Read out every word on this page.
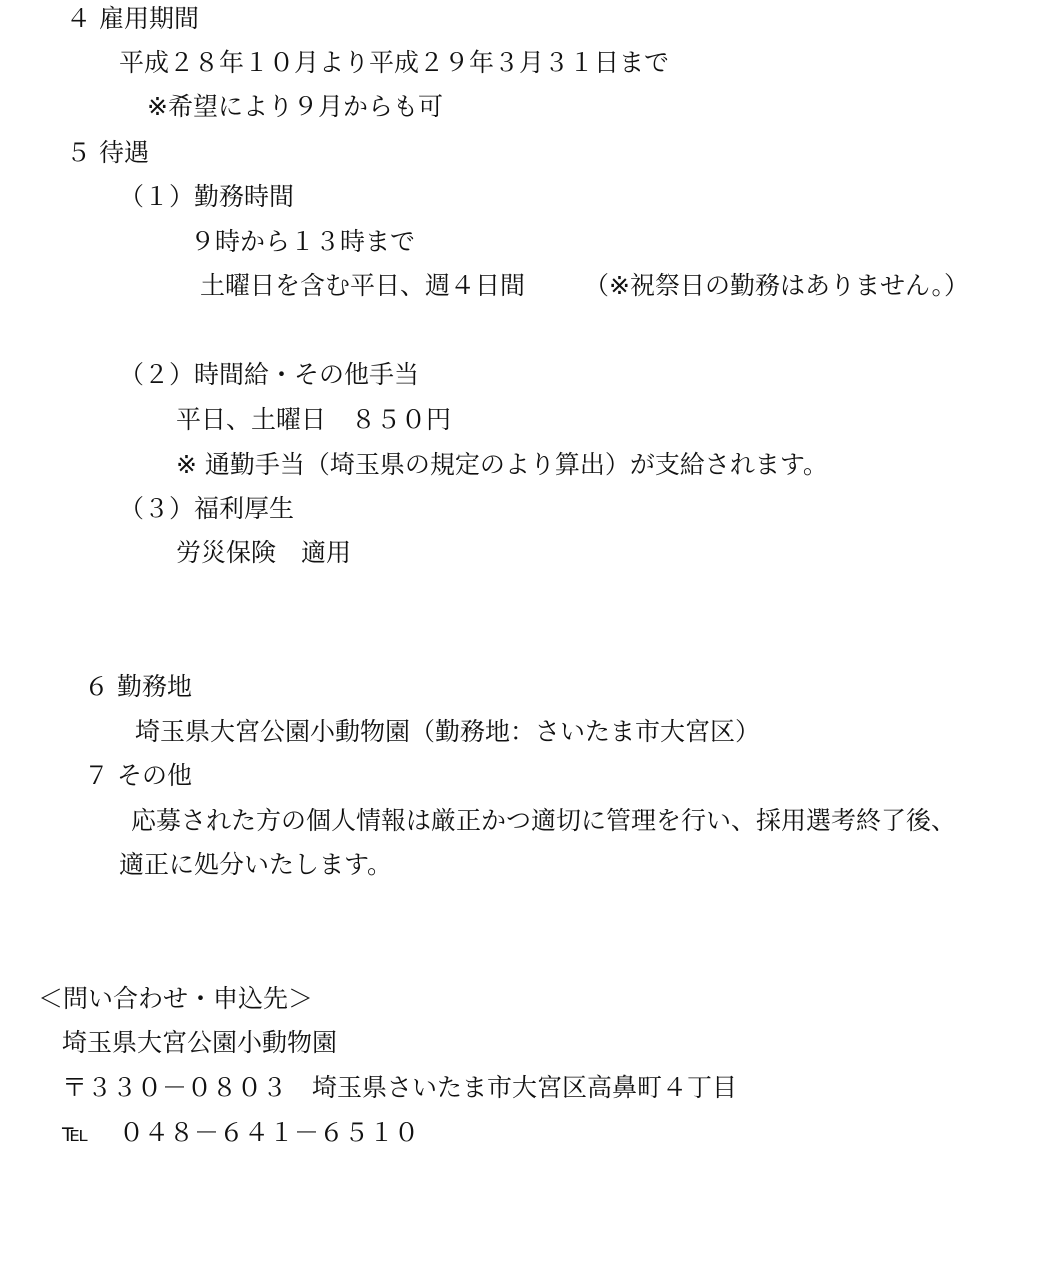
４ 雇用期間
平成２８年１０月より平成２９年３月３１日まで
※希望により９月からも可
５ 待遇
（１）勤務時間
９時から１３時まで
土曜日を含む平日、週４日間 （※祝祭日の勤務はありません。）
（２）時間給・その他手当
平日、土曜日　８５０円
※ 通勤手当（埼玉県の規定のより算出）が支給されます。
（３）福利厚生
労災保険　適用
６ 勤務地
埼玉県大宮公園小動物園（勤務地：さいたま市大宮区）
７ その他
応募された方の個人情報は厳正かつ適切に管理を行い、採用選考終了後、
適正に処分いたします。
＜問い合わせ・申込先＞
埼玉県大宮公園小動物園
〒３３０－０８０３　埼玉県さいたま市大宮区高鼻町４丁目
℡ ０４８－６４１－６５１０
